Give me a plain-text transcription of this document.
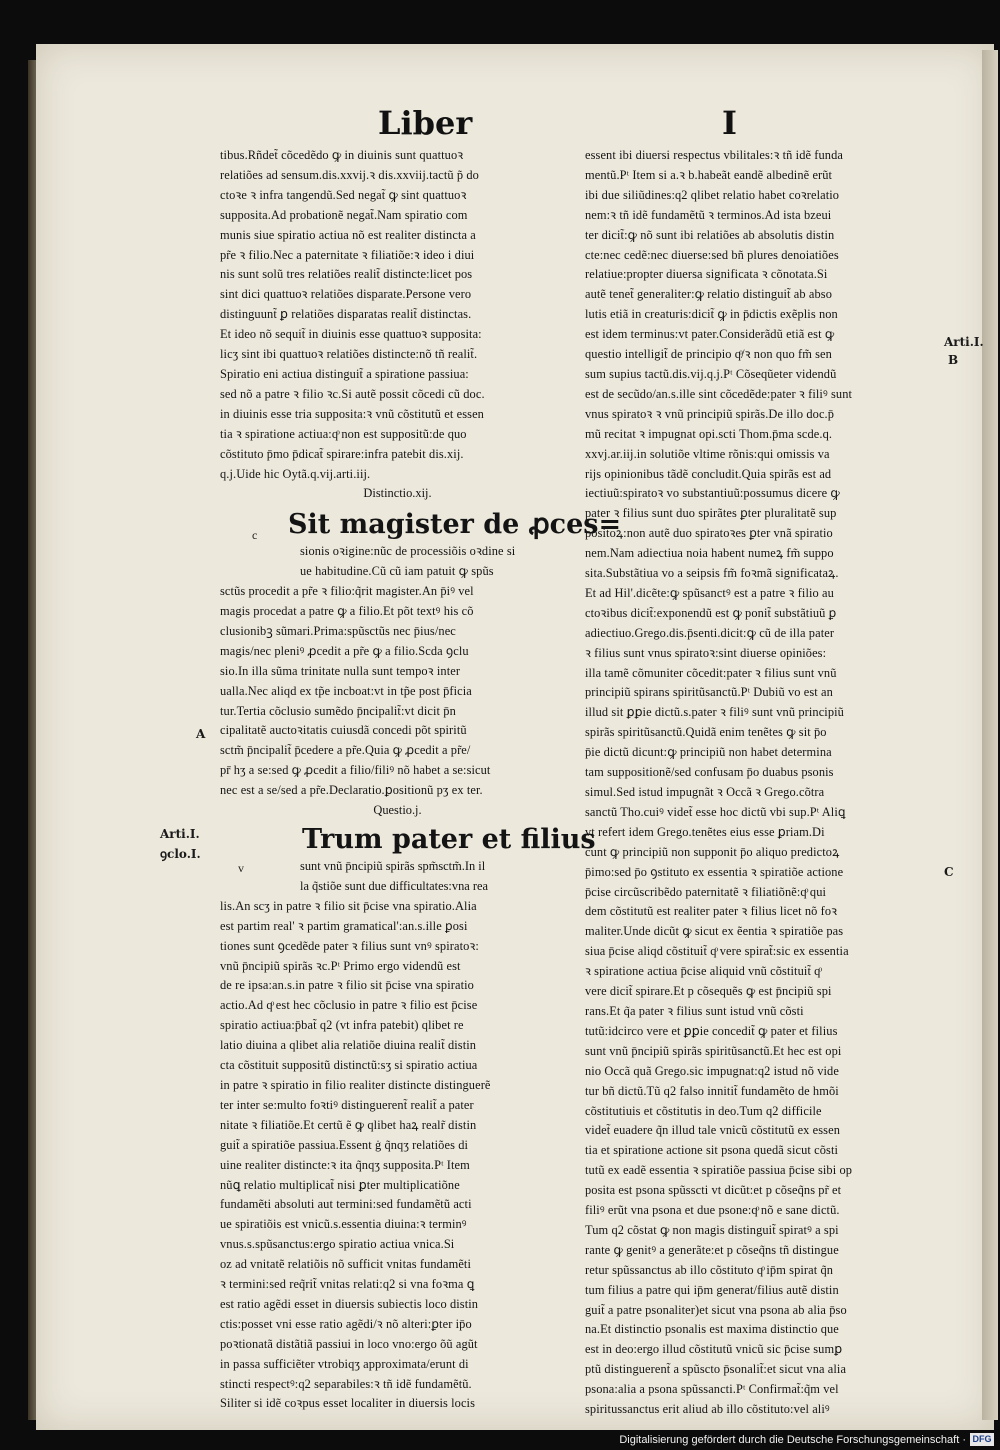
Liber	I
A
Arti.I.
ꝯclo.I.
Arti.I.
B
C
tibus.Rñdet̃ cõcedẽdo ꝙ in diuinis sunt quattuoꝛ
relatiões ad sensum.dis.xxvij.ꝛ dis.xxviij.tactũ p̃ do
ctoꝛe ꝛ infra tangendũ.Sed negat̃ ꝙ sint quattuoꝛ
supposita.Ad probationẽ negat̃.Nam spiratio com
munis siue spiratio actiua nõ est realiter distincta a
pr̃e ꝛ filio.Nec a paternitate ꝛ filiatiõe:ꝛ ideo i diui
nis sunt solũ tres relatiões realit̃ distincte:licet pos
sint dici quattuoꝛ relatiões disparate.Persone vero
distinguunt̃ ꝑ relatiões disparatas realit̃ distinctas.
Et ideo nõ sequit̃ in diuinis esse quattuoꝛ supposita:
licʒ sint ibi quattuoꝛ relatiões distincte:nõ tñ realit̃.
Spiratio eni actiua distinguit̃ a spiratione passiua:
sed nõ a patre ꝛ filio ꝛc.Si autẽ possit cõcedi cũ doc.
in diuinis esse tria supposita:ꝛ vnũ cõstitutũ et essen
tia ꝛ spiratione actiua:qͦ non est suppositũ:de quo
cõstituto p̄mo p̄dicat̃ spirare:infra patebit dis.xij.
q.j.Uide hic Oytã.q.vij.arti.iij.
Distinctio.xij.
Sit magister de ꝓces=
c
sionis oꝛigine:nũc de processiõis oꝛdine si
ue habitudine.Cũ cũ iam patuit ꝙ spũs
sctũs procedit a pr̃e ꝛ filio:q̃rit magister.An p̄iꝰ vel
magis procedat a patre ꝙ a filio.Et põt textꝰ his cõ
clusionibꝫ sũmari.Prima:spũsctũs nec p̄ius/nec
magis/nec pleniꝰ ꝓcedit a pr̃e ꝙ a filio.Scda ꝯclu
sio.In illa sũma trinitate nulla sunt tempoꝛ inter
ualla.Nec aliqd ex tp̃e incboat:vt in tp̃e post p̄ficia
tur.Tertia cõclusio sumẽdo p̄ncipalit̃:vt dicit p̄n
cipalitatẽ auctoꝛitatis cuiusdã concedi põt spiritũ
sctm̃ p̄ncipalit̃ p̄cedere a pr̃e.Quia ꝙ ꝓcedit a pr̃e/
pr̄ hʒ a se:sed ꝙ ꝓcedit a filio/filiꝰ nõ habet a se:sicut
nec est a se/sed a pr̃e.Declaratio.ꝑositionũ pʒ ex ter.
Questio.j.
Trum pater et filius
v	sunt vnũ p̄ncipiũ spirãs spm̃sctm̃.In il
la q̃stiõe sunt due difficultates:vna rea
lis.An scʒ in patre ꝛ filio sit p̄cise vna spiratio.Alia
est partim real' ꝛ partim gramatical':an.s.ille ꝑosi
tiones sunt ꝯcedẽde pater ꝛ filius sunt vnꝰ spiratoꝛ:
vnũ p̄ncipiũ spirãs ꝛc.Pᵗ Primo ergo videndũ est
de re ipsa:an.s.in patre ꝛ filio sit p̄cise vna spiratio
actio.Ad qͦ est hec cõclusio in patre ꝛ filio est p̄cise
spiratio actiua:p̄bat̃ q2 (vt infra patebit) qlibet re
latio diuina a qlibet alia relatiõe diuina realit̃ distin
cta cõstituit suppositũ distinctũ:sʒ si spiratio actiua
in patre ꝛ spiratio in filio realiter distincte distinguerẽ
ter inter se:multo foꝛtiꝰ distinguerent̃ realit̃ a pater
nitate ꝛ filiatiõe.Et certũ ẽ ꝙ qlibet haꝝ realr̃ distin
guit̃ a spiratiõe passiua.Essent ġ q̃nqʒ relatiões di
uine realiter distincte:ꝛ ita q̃nqʒ supposita.Pᵗ Item
nũꝗ relatio multiplicat̃ nisi ꝑter multiplicatiõne
fundamẽti absoluti aut termini:sed fundamẽtũ acti
ue spiratiõis est vnicũ.s.essentia diuina:ꝛ terminꝰ
vnus.s.spũsanctus:ergo spiratio actiua vnica.Si
oz ad vnitatẽ relatiõis nõ sufficit vnitas fundamẽti
ꝛ termini:sed req̃rit̃ vnitas relati:q2 si vna foꝛma ꝗ
est ratio agẽdi esset in diuersis subiectis loco distin
ctis:posset vni esse ratio agẽdi/ꝛ nõ alteri:ꝑter ip̄o
poꝛtionatã distãtiã passiui in loco vno:ergo õũ agũt
in passa sufficiẽter vtrobiqʒ approximata/erunt di
stincti respectꝰ:q2 separabiles:ꝛ tñ idẽ fundamẽtũ.
Siliter si idẽ coꝛpus esset localiter in diuersis locis
essent ibi diuersi respectus vbilitales:ꝛ tñ idẽ funda
mentũ.Pᵗ Item si a.ꝛ b.habeãt eandẽ albedinẽ erũt
ibi due siliũdines:q2 qlibet relatio habet coꝛrelatio
nem:ꝛ tñ idẽ fundamẽtũ ꝛ terminos.Ad ista bzeui
ter dicit̃:ꝙ nõ sunt ibi relatiões ab absolutis distin
cte:nec cedẽ:nec diuerse:sed bñ plures denoiatiões
relatiue:propter diuersa significata ꝛ cõnotata.Si
autẽ tenet̃ generaliter:ꝙ relatio distinguit̃ ab abso
lutis etiã in creaturis:dicit̃ ꝙ in p̄dictis exẽplis non
est idem terminus:vt pater.Considerãdũ etiã est ꝙ
questio intelligit̃ de principio qͦ/ꝛ non quo fm̃ sen
sum supius tactũ.dis.vij.q.j.Pᵗ Cõseqũeter videndũ
est de secũdo/an.s.ille sint cõcedẽde:pater ꝛ filiꝰ sunt
vnus spiratoꝛ ꝛ vnũ principiũ spirãs.De illo doc.p̄
mũ recitat ꝛ impugnat opi.scti Thom.p̄ma scde.q.
xxvj.ar.iij.in solutiõe vltime rõnis:qui omissis va
rijs opinionibus tãdẽ concludit.Quia spirãs est ad
iectiuũ:spiratoꝛ vo substantiuũ:possumus dicere ꝙ
pater ꝛ filius sunt duo spirãtes ꝑter pluralitatẽ sup
positoꝝ:non autẽ duo spiratoꝛes ꝑter vnã spiratio
nem.Nam adiectiua noia habent numeꝝ fm̃ suppo
sita.Substãtiua vo a seipsis fm̃ foꝛmã significataꝝ.
Et ad Hil'.dicẽte:ꝙ spũsanctꝰ est a patre ꝛ filio au
ctoꝛibus dicit̃:exponendũ est ꝙ ponit̃ substãtiuũ ꝑ
adiectiuo.Grego.dis.p̄senti.dicit:ꝙ cũ de illa pater
ꝛ filius sunt vnus spiratoꝛ:sint diuerse opiniões:
illa tamẽ cõmuniter cõcedit:pater ꝛ filius sunt vnũ
principiũ spirans spiritũsanctũ.Pᵗ Dubiũ vo est an
illud sit ꝑꝑie dictũ.s.pater ꝛ filiꝰ sunt vnũ principiũ
spirãs spiritũsanctũ.Quidã enim tenẽtes ꝙ sit p̄o
p̄ie dictũ dicunt:ꝙ principiũ non habet determina
tam suppositionẽ/sed confusam p̄o duabus psonis
simul.Sed istud impugnãt ꝛ Occã ꝛ Grego.cõtra
sanctũ Tho.cuiꝰ videt̃ esse hoc dictũ vbi sup.Pᵗ Aliꝗ
vt refert idem Grego.tenẽtes eius esse ꝑriam.Di
cunt ꝙ principiũ non supponit p̄o aliquo predictoꝝ
p̄imo:sed p̄o ꝯstituto ex essentia ꝛ spiratiõe actione
p̄cise circũscribẽdo paternitatẽ ꝛ filiatiõnẽ:qͦ qui
dem cõstitutũ est realiter pater ꝛ filius licet nõ foꝛ
maliter.Unde dicũt ꝙ sicut ex ẽentia ꝛ spiratiõe pas
siua p̄cise aliqd cõstituit̃ qͦ vere spirat̃:sic ex essentia
ꝛ spiratione actiua p̄cise aliquid vnũ cõstituit̃ qͦ
vere dicit̃ spirare.Et p cõsequẽs ꝙ est p̄ncipiũ spi
rans.Et q̃a pater ꝛ filius sunt istud vnũ cõsti
tutũ:idcirco vere et ꝑꝑie concedit̃ ꝙ pater et filius
sunt vnũ p̄ncipiũ spirãs spiritũsanctũ.Et hec est opi
nio Occã quã Grego.sic impugnat:q2 istud nõ vide
tur bñ dictũ.Tũ q2 falso innitit̃ fundamẽto de hmõi
cõstitutiuis et cõstitutis in deo.Tum q2 difficile
videt̃ euadere q̃n illud tale vnicũ cõstitutũ ex essen
tia et spiratione actione sit psona quedã sicut cõsti
tutũ ex eadẽ essentia ꝛ spiratiõe passiua p̄cise sibi op
posita est psona spũsscti vt dicũt:et p cõseq̃ns pr̃ et
filiꝰ erũt vna psona et due psone:qͦ nõ e sane dictũ.
Tum q2 cõstat ꝙ non magis distinguit̃ spiratꝰ a spi
rante ꝙ genitꝰ a generãte:et p cõseq̃ns tñ distingue
retur spũssanctus ab illo cõstituto qͦ ip̄m spirat q̃n
tum filius a patre qui ip̄m generat/filius autẽ distin
guit̃ a patre psonaliter)et sicut vna psona ab alia p̄so
na.Et distinctio psonalis est maxima distinctio que
est in deo:ergo illud cõstitutũ vnicũ sic p̄cise sumꝑ
ptũ distinguerent̃ a spũscto p̄sonalit̃:et sicut vna alia
psona:alia a psona spũssancti.Pᵗ Confirmat̃:q̃m vel
spiritussanctus erit aliud ab illo cõstituto:vel aliꝰ
Digitalisierung gefördert durch die Deutsche Forschungsgemeinschaft · DFG
